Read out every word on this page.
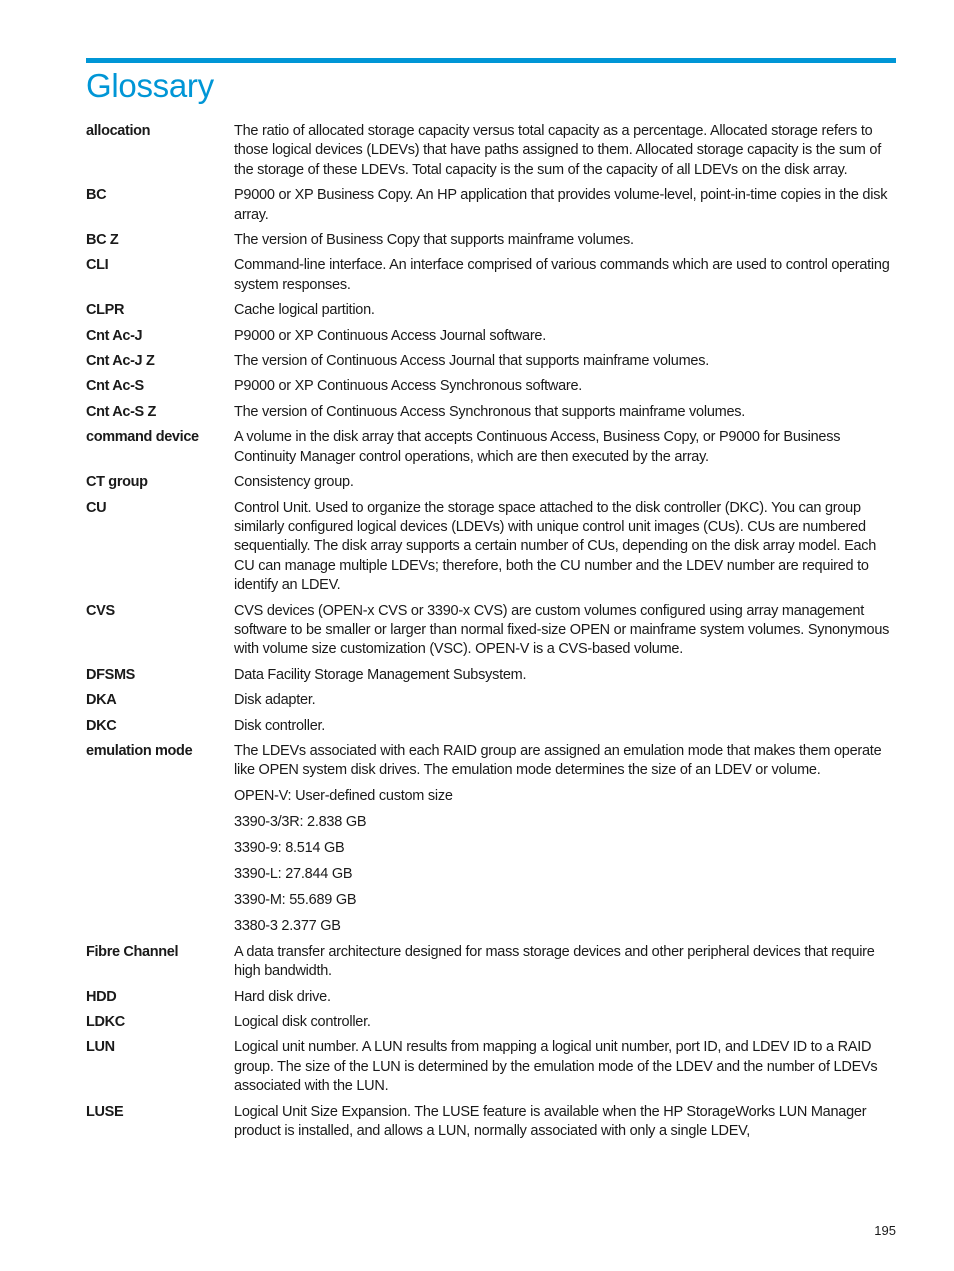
Glossary
allocation	The ratio of allocated storage capacity versus total capacity as a percentage. Allocated storage refers to those logical devices (LDEVs) that have paths assigned to them. Allocated storage capacity is the sum of the storage of these LDEVs. Total capacity is the sum of the capacity of all LDEVs on the disk array.

BC	P9000 or XP Business Copy. An HP application that provides volume-level, point-in-time copies in the disk array.

BC Z	The version of Business Copy that supports mainframe volumes.

CLI	Command-line interface. An interface comprised of various commands which are used to control operating system responses.

CLPR	Cache logical partition.

Cnt Ac-J	P9000 or XP Continuous Access Journal software.

Cnt Ac-J Z	The version of Continuous Access Journal that supports mainframe volumes.

Cnt Ac-S	P9000 or XP Continuous Access Synchronous software.

Cnt Ac-S Z	The version of Continuous Access Synchronous that supports mainframe volumes.

command device	A volume in the disk array that accepts Continuous Access, Business Copy, or P9000 for Business Continuity Manager control operations, which are then executed by the array.

CT group	Consistency group.

CU	Control Unit. Used to organize the storage space attached to the disk controller (DKC). You can group similarly configured logical devices (LDEVs) with unique control unit images (CUs). CUs are numbered sequentially. The disk array supports a certain number of CUs, depending on the disk array model. Each CU can manage multiple LDEVs; therefore, both the CU number and the LDEV number are required to identify an LDEV.

CVS	CVS devices (OPEN-x CVS or 3390-x CVS) are custom volumes configured using array management software to be smaller or larger than normal fixed-size OPEN or mainframe system volumes. Synonymous with volume size customization (VSC). OPEN-V is a CVS-based volume.

DFSMS	Data Facility Storage Management Subsystem.

DKA	Disk adapter.

DKC	Disk controller.

emulation mode	The LDEVs associated with each RAID group are assigned an emulation mode that makes them operate like OPEN system disk drives. The emulation mode determines the size of an LDEV or volume.

OPEN-V: User-defined custom size

3390-3/3R: 2.838 GB

3390-9: 8.514 GB

3390-L: 27.844 GB

3390-M: 55.689 GB

3380-3 2.377 GB

Fibre Channel	A data transfer architecture designed for mass storage devices and other peripheral devices that require high bandwidth.

HDD	Hard disk drive.

LDKC	Logical disk controller.

LUN	Logical unit number. A LUN results from mapping a logical unit number, port ID, and LDEV ID to a RAID group. The size of the LUN is determined by the emulation mode of the LDEV and the number of LDEVs associated with the LUN.

LUSE	Logical Unit Size Expansion. The LUSE feature is available when the HP StorageWorks LUN Manager product is installed, and allows a LUN, normally associated with only a single LDEV,

195
